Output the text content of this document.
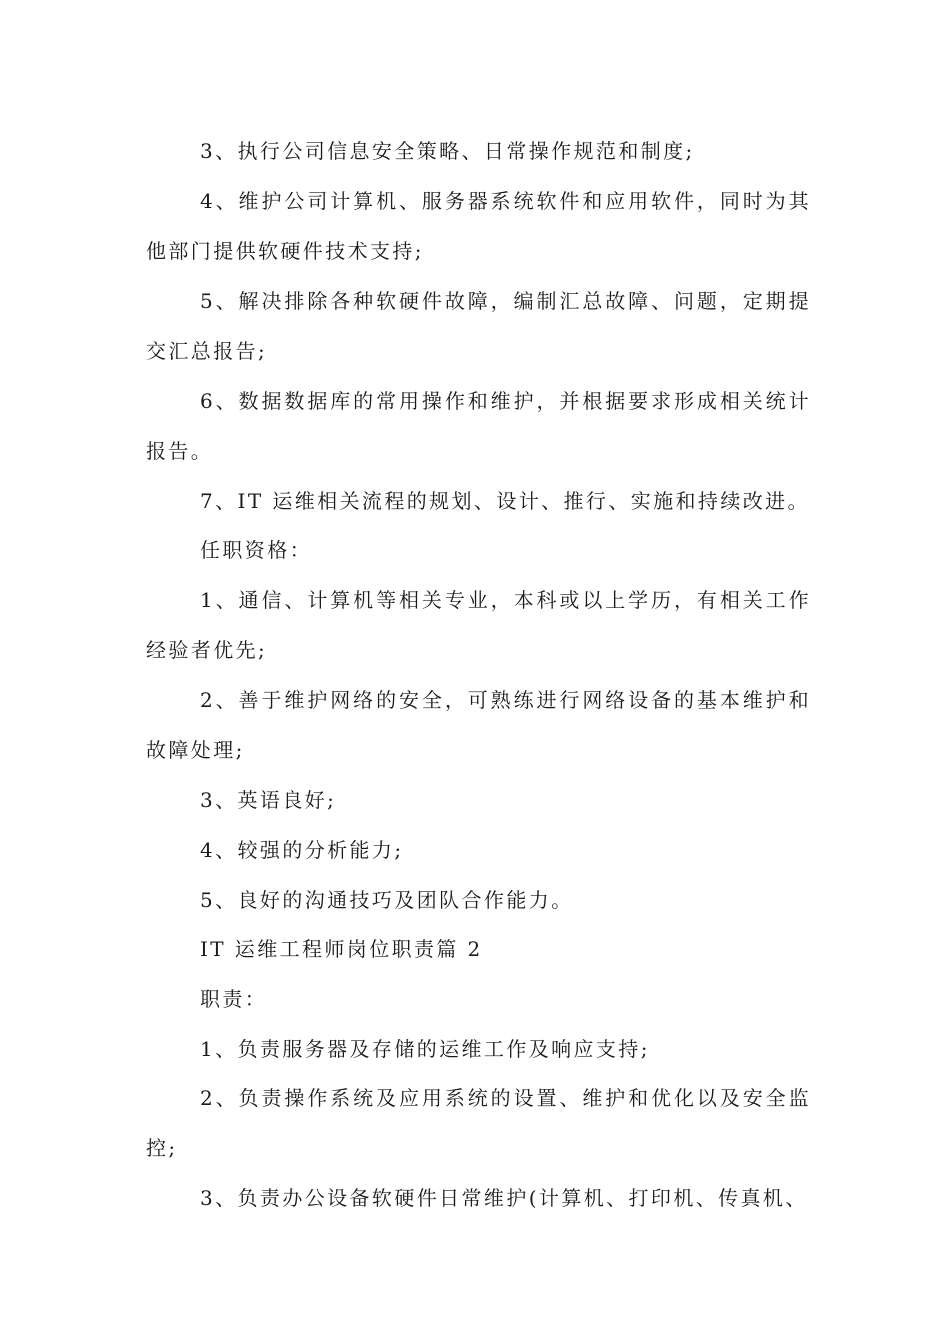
3、执行公司信息安全策略、日常操作规范和制度;

4、维护公司计算机、服务器系统软件和应用软件，同时为其他部门提供软硬件技术支持;

5、解决排除各种软硬件故障，编制汇总故障、问题，定期提交汇总报告;

6、数据数据库的常用操作和维护，并根据要求形成相关统计报告。

7、IT 运维相关流程的规划、设计、推行、实施和持续改进。

任职资格：

1、通信、计算机等相关专业，本科或以上学历，有相关工作经验者优先;

2、善于维护网络的安全，可熟练进行网络设备的基本维护和故障处理;

3、英语良好;

4、较强的分析能力;

5、良好的沟通技巧及团队合作能力。

IT 运维工程师岗位职责篇 2

职责：

1、负责服务器及存储的运维工作及响应支持;

2、负责操作系统及应用系统的设置、维护和优化以及安全监控;

3、负责办公设备软硬件日常维护(计算机、打印机、传真机、
